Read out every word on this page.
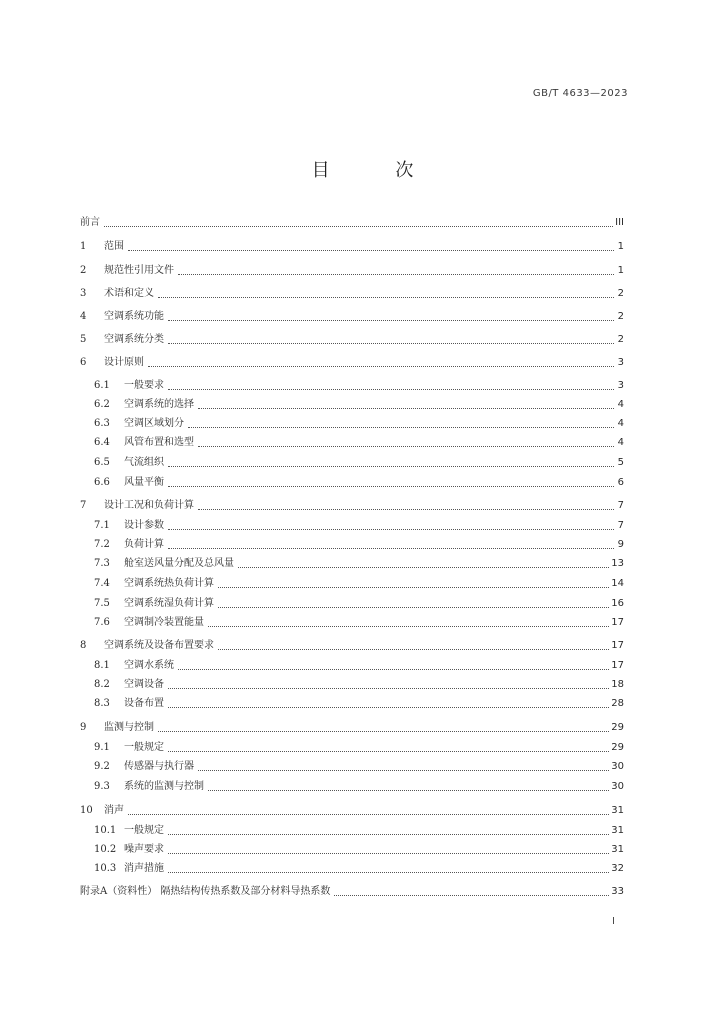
GB/T 4633—2023
目 次
前言	III
1	范围	1
2	规范性引用文件	1
3	术语和定义	2
4	空调系统功能	2
5	空调系统分类	2
6	设计原则	3
6.1	一般要求	3
6.2	空调系统的选择	4
6.3	空调区域划分	4
6.4	风管布置和选型	4
6.5	气流组织	5
6.6	风量平衡	6
7	设计工况和负荷计算	7
7.1	设计参数	7
7.2	负荷计算	9
7.3	舱室送风量分配及总风量	13
7.4	空调系统热负荷计算	14
7.5	空调系统湿负荷计算	16
7.6	空调制冷装置能量	17
8	空调系统及设备布置要求	17
8.1	空调水系统	17
8.2	空调设备	18
8.3	设备布置	28
9	监测与控制	29
9.1	一般规定	29
9.2	传感器与执行器	30
9.3	系统的监测与控制	30
10	消声	31
10.1 一般规定	31
10.2 噪声要求	31
10.3 消声措施	32
附录A （资料性） 隔热结构传热系数及部分材料导热系数	33
I
